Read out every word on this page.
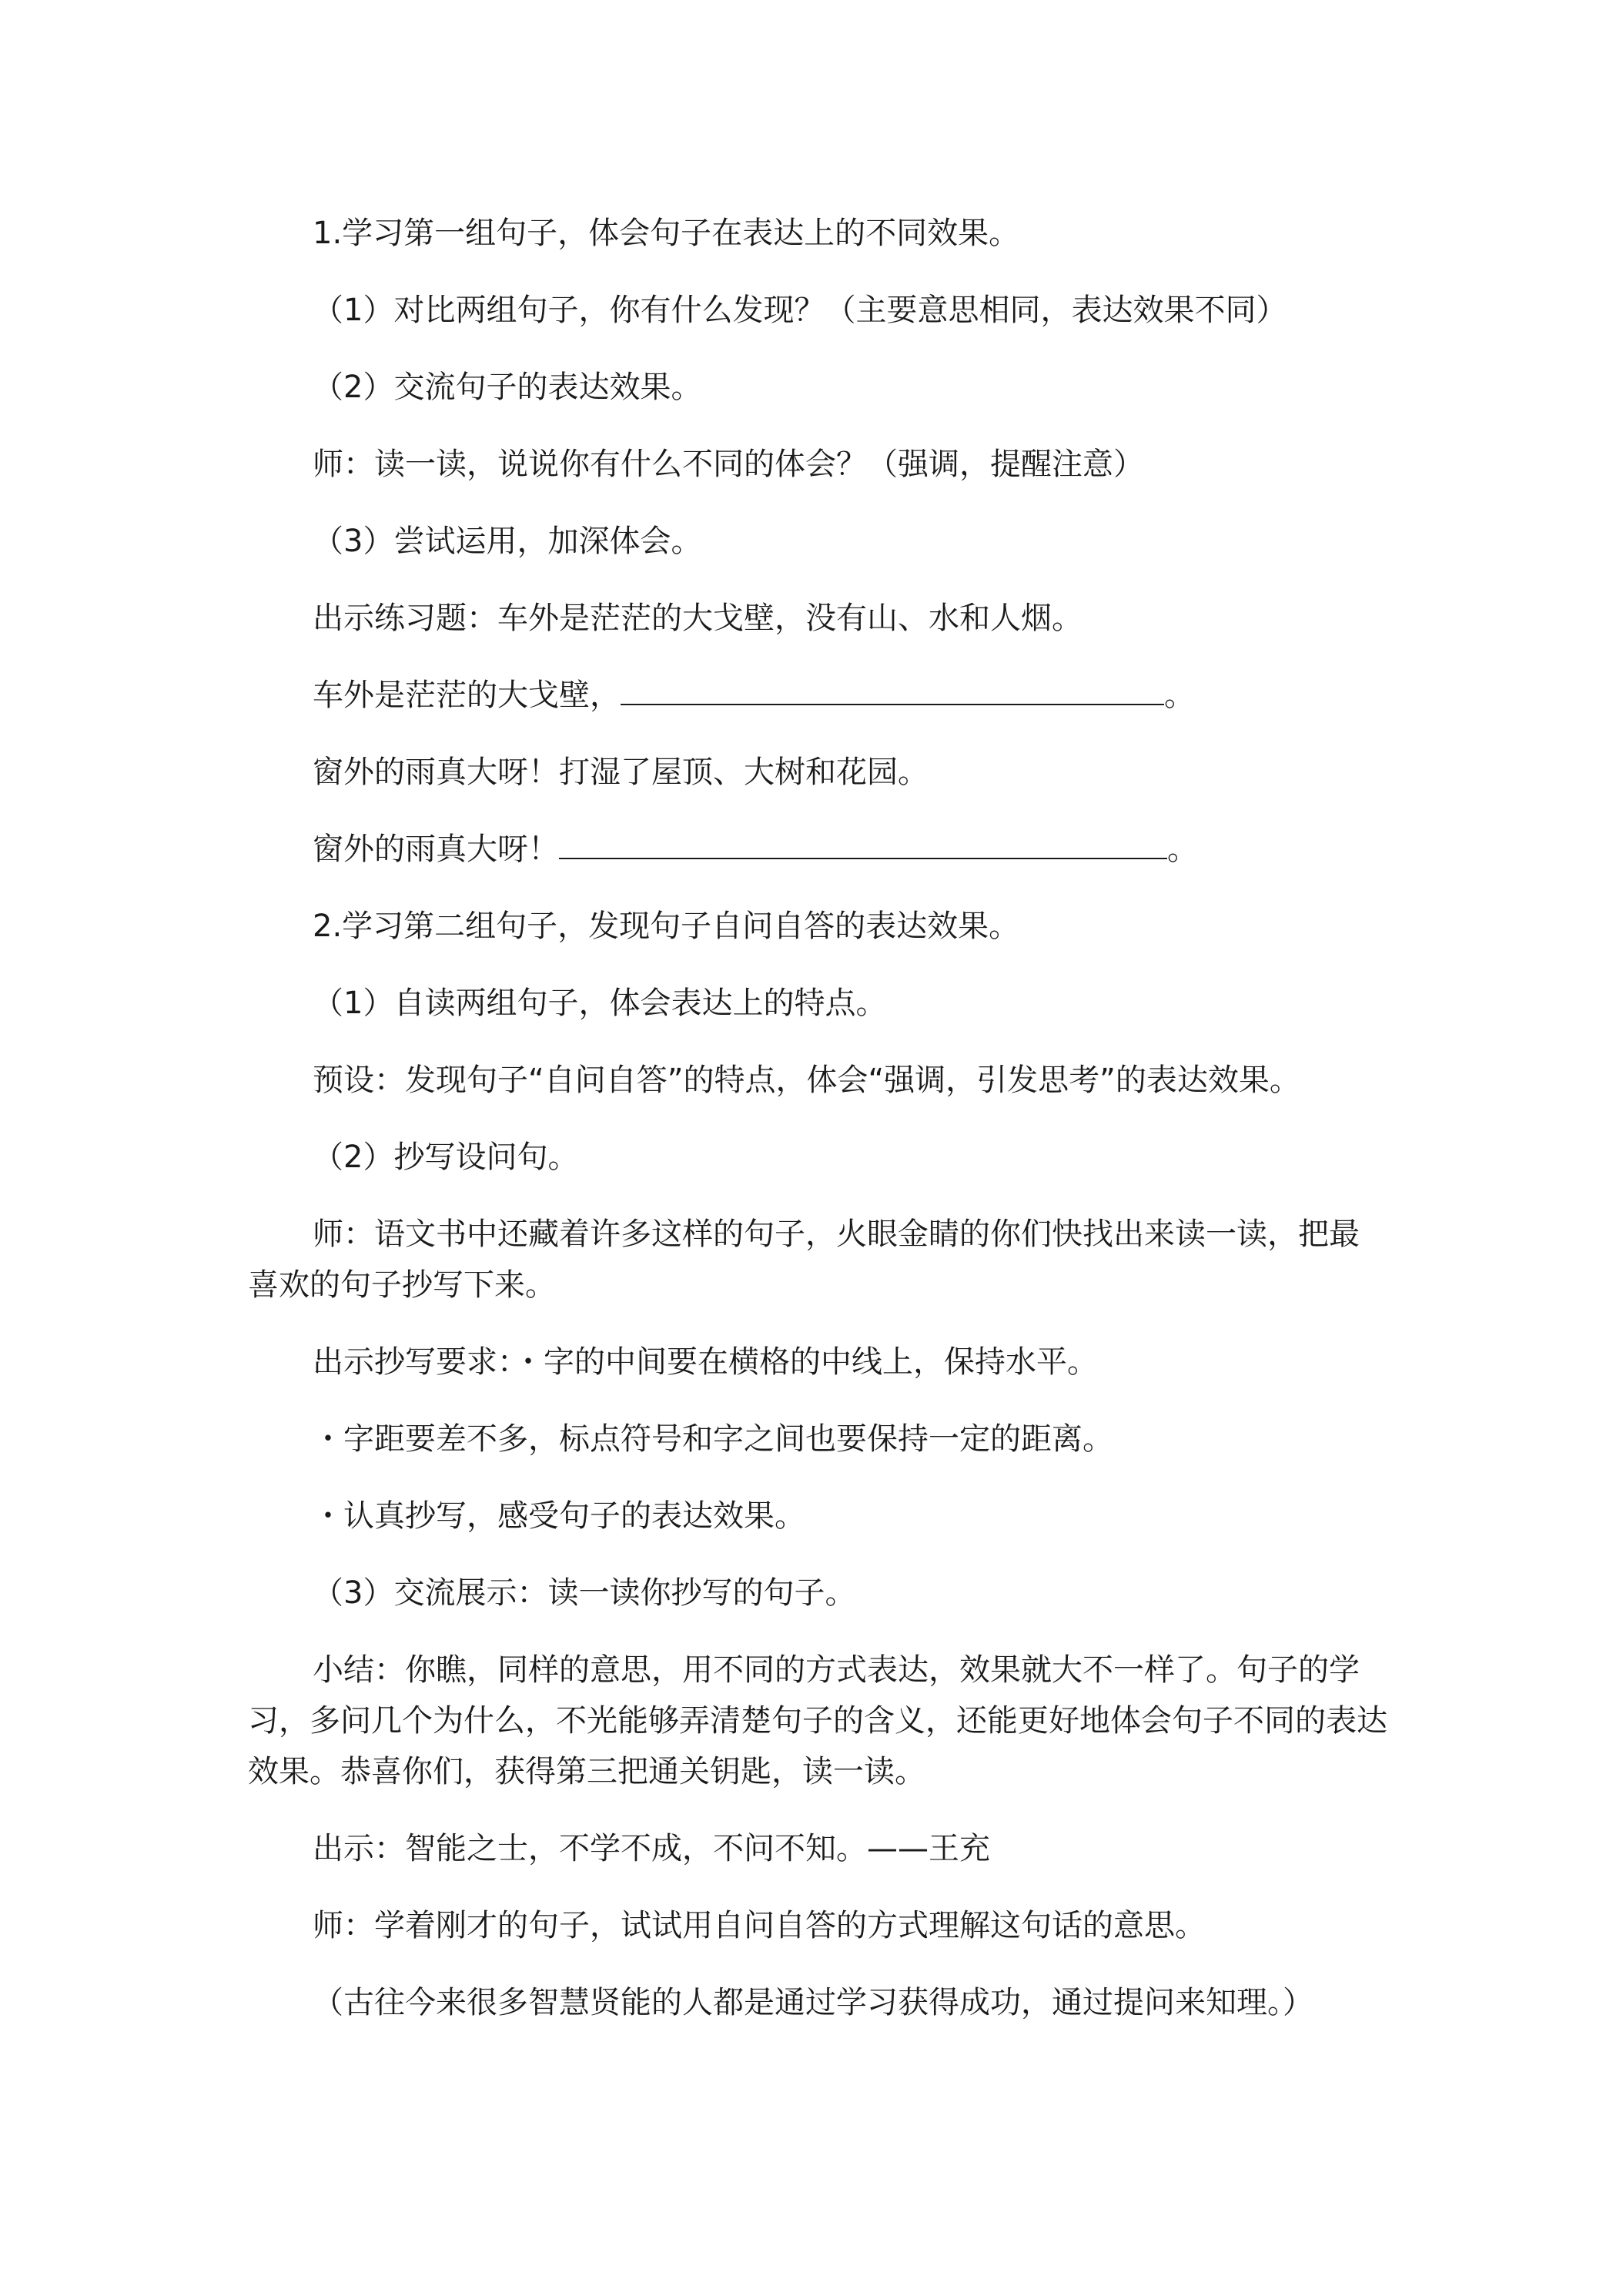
1.学习第一组句子，体会句子在表达上的不同效果。

（1）对比两组句子，你有什么发现？（主要意思相同，表达效果不同）

（2）交流句子的表达效果。

师：读一读，说说你有什么不同的体会？（强调，提醒注意）

（3）尝试运用，加深体会。

出示练习题：车外是茫茫的大戈壁，没有山、水和人烟。

车外是茫茫的大戈壁，	。

窗外的雨真大呀！打湿了屋顶、大树和花园。

窗外的雨真大呀！	。

2.学习第二组句子，发现句子自问自答的表达效果。

（1）自读两组句子，体会表达上的特点。

预设：发现句子“自问自答”的特点，体会“强调，引发思考”的表达效果。

（2）抄写设问句。

师：语文书中还藏着许多这样的句子，火眼金睛的你们快找出来读一读，把最喜欢的句子抄写下来。

出示抄写要求：・字的中间要在横格的中线上，保持水平。

・字距要差不多，标点符号和字之间也要保持一定的距离。

・认真抄写，感受句子的表达效果。

（3）交流展示：读一读你抄写的句子。

小结：你瞧，同样的意思，用不同的方式表达，效果就大不一样了。句子的学习，多问几个为什么，不光能够弄清楚句子的含义，还能更好地体会句子不同的表达效果。恭喜你们，获得第三把通关钥匙，读一读。

出示：智能之士，不学不成，不问不知。——王充

师：学着刚才的句子，试试用自问自答的方式理解这句话的意思。

（古往今来很多智慧贤能的人都是通过学习获得成功，通过提问来知理。）
